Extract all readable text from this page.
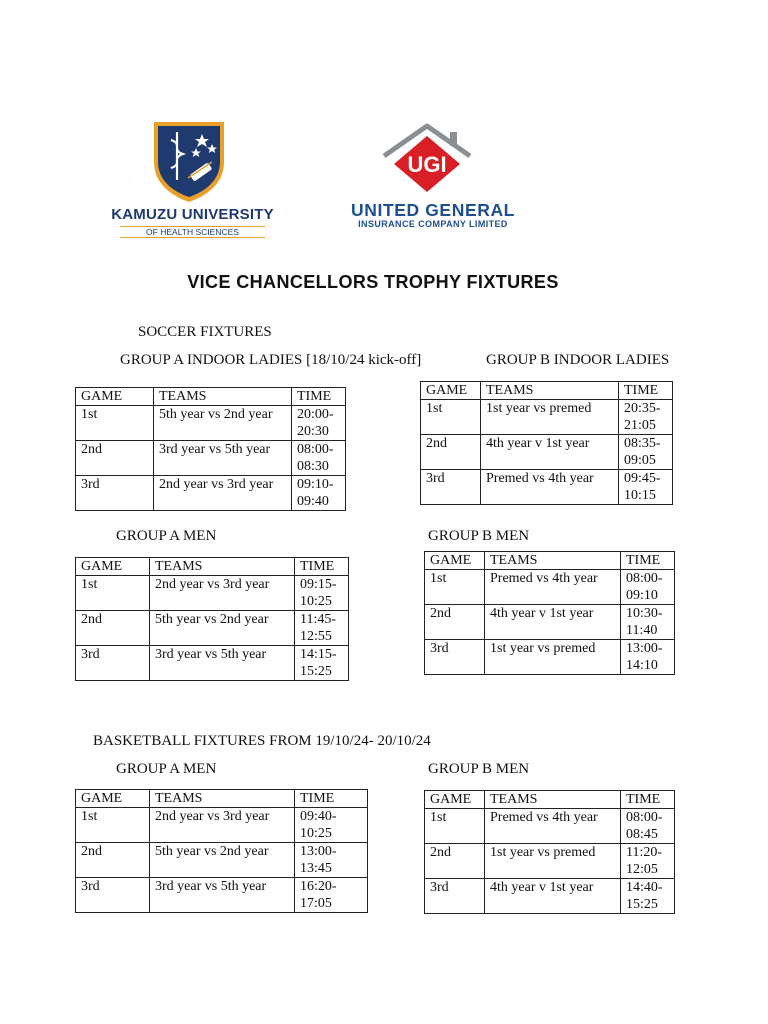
KAMUZU UNIVERSITY
OF HEALTH SCIENCES
UGI
UNITED GENERAL
INSURANCE COMPANY LIMITED
VICE CHANCELLORS TROPHY FIXTURES
SOCCER FIXTURES
GROUP A INDOOR LADIES [18/10/24 kick-off]	GROUP B INDOOR LADIES
GAME	TEAMS	TIME
1st	5th year vs 2nd year	20:00-
20:30
2nd	3rd year vs 5th year	08:00-
08:30
3rd	2nd year vs 3rd year	09:10-
09:40
GAME	TEAMS	TIME
1st	1st year vs premed	20:35-
21:05
2nd	4th year v 1st year	08:35-
09:05
3rd	Premed vs 4th year	09:45-
10:15
GROUP A MEN	GROUP B MEN
GAME	TEAMS	TIME
1st	2nd year vs 3rd year	09:15-
10:25
2nd	5th year vs 2nd year	11:45-
12:55
3rd	3rd year vs 5th year	14:15-
15:25
GAME	TEAMS	TIME
1st	Premed vs 4th year	08:00-
09:10
2nd	4th year v 1st year	10:30-
11:40
3rd	1st year vs premed	13:00-
14:10
BASKETBALL FIXTURES FROM 19/10/24- 20/10/24
GROUP A MEN	GROUP B MEN
GAME	TEAMS	TIME
1st	2nd year vs 3rd year	09:40-
10:25
2nd	5th year vs 2nd year	13:00-
13:45
3rd	3rd year vs 5th year	16:20-
17:05
GAME	TEAMS	TIME
1st	Premed vs 4th year	08:00-
08:45
2nd	1st year vs premed	11:20-
12:05
3rd	4th year v 1st year	14:40-
15:25
